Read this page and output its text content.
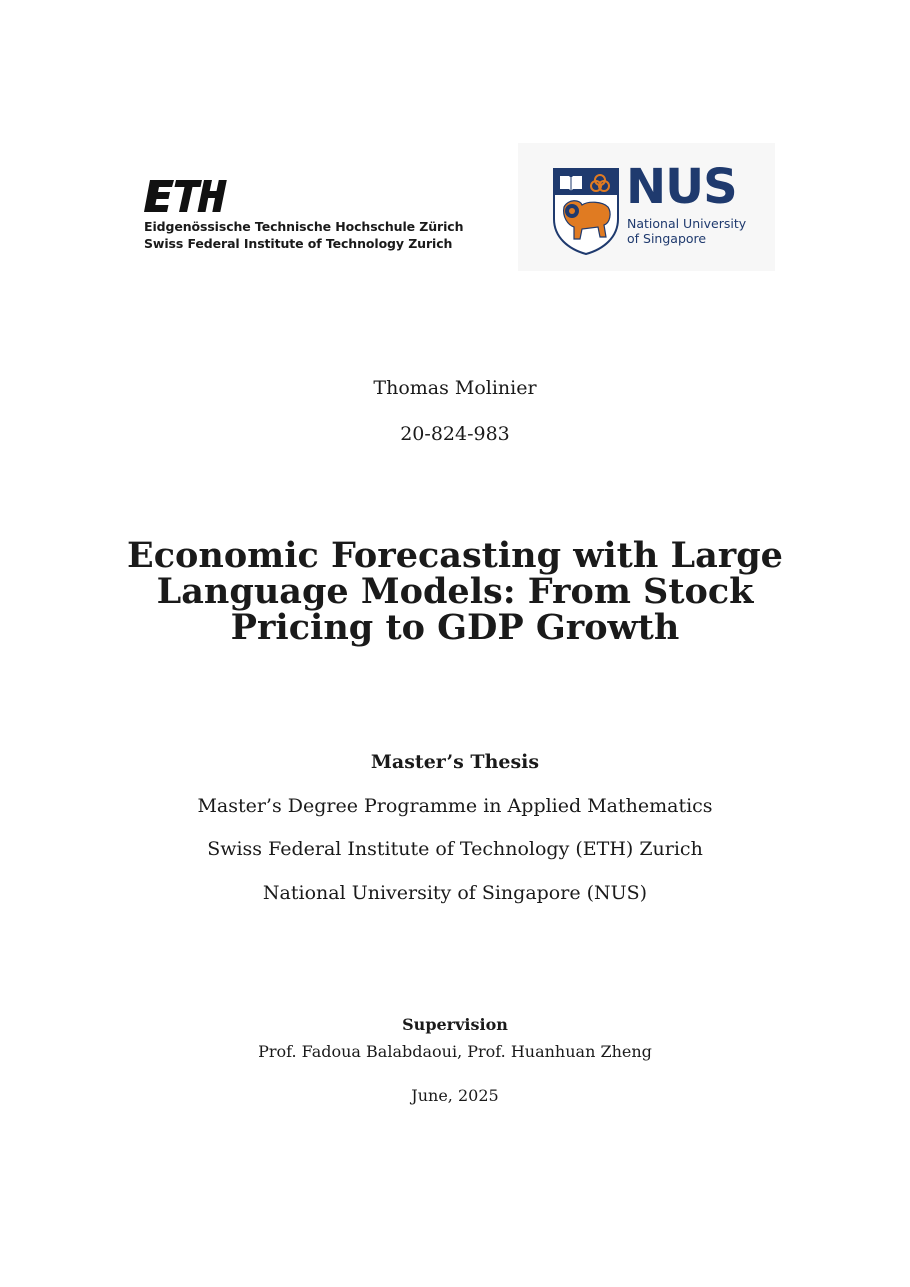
Eidgenössische Technische Hochschule Zürich
Swiss Federal Institute of Technology Zurich
NUS
National University
of Singapore
Thomas Molinier
20-824-983
Economic Forecasting with Large
Language Models: From Stock
Pricing to GDP Growth
Master’s Thesis
Master’s Degree Programme in Applied Mathematics
Swiss Federal Institute of Technology (ETH) Zurich
National University of Singapore (NUS)
Supervision
Prof. Fadoua Balabdaoui, Prof. Huanhuan Zheng
June, 2025
